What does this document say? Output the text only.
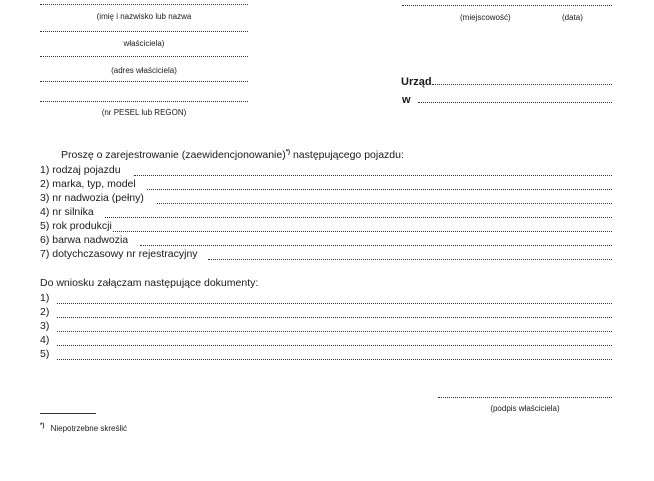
(imię i nazwisko lub nazwa
właściciela)
(adres właściciela)
(nr PESEL lub REGON)
(miejscowość)	(data)
Urząd
w
Proszę o zarejestrowanie (zaewidencjonowanie)*) następującego pojazdu:
1) rodzaj pojazdu
2) marka, typ, model
3) nr nadwozia (pełny)
4) nr silnika
5) rok produkcji
6) barwa nadwozia
7) dotychczasowy nr rejestracyjny
Do wniosku załączam następujące dokumenty:
1)
2)
3)
4)
5)
(podpis właściciela)
*) Niepotrzebne skreślić
